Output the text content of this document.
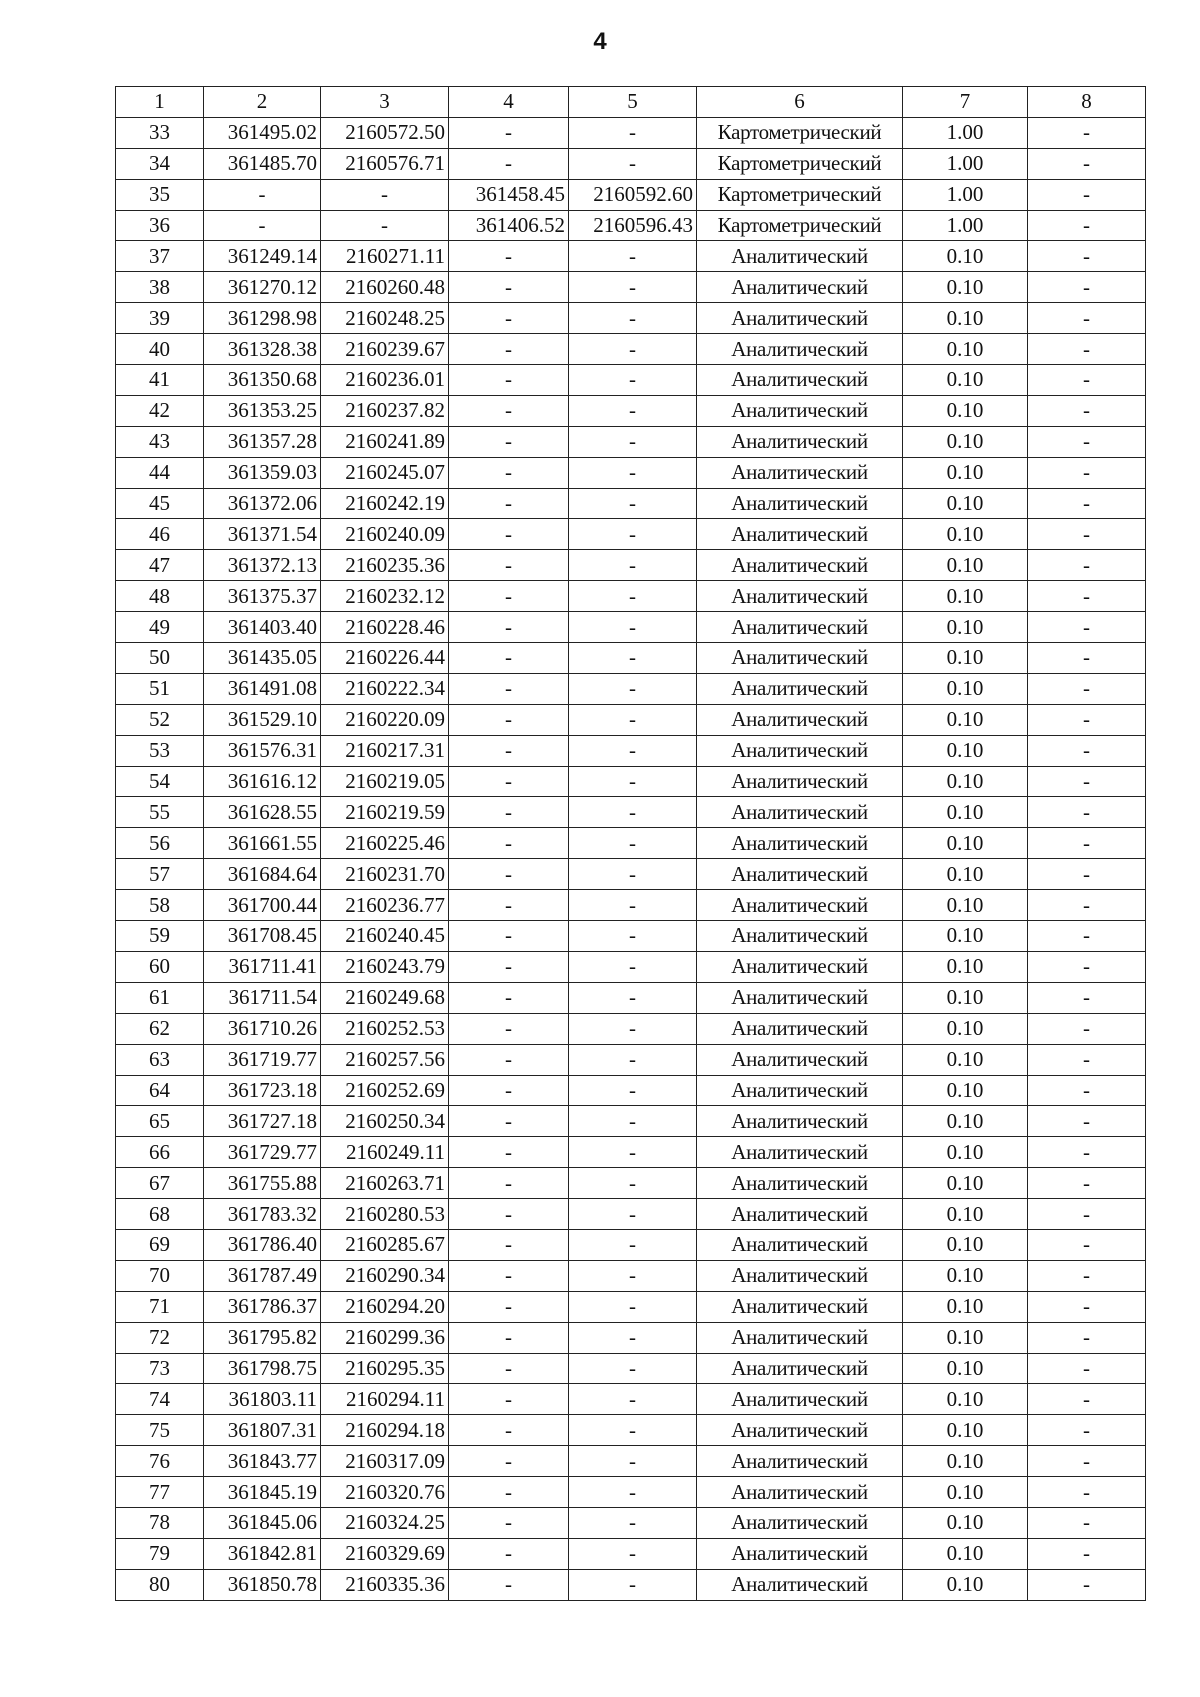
4
1	2	3	4	5	6	7	8
33	361495.02	2160572.50	-	-	Картометрический	1.00	-
34	361485.70	2160576.71	-	-	Картометрический	1.00	-
35	-	-	361458.45	2160592.60	Картометрический	1.00	-
36	-	-	361406.52	2160596.43	Картометрический	1.00	-
37	361249.14	2160271.11	-	-	Аналитический	0.10	-
38	361270.12	2160260.48	-	-	Аналитический	0.10	-
39	361298.98	2160248.25	-	-	Аналитический	0.10	-
40	361328.38	2160239.67	-	-	Аналитический	0.10	-
41	361350.68	2160236.01	-	-	Аналитический	0.10	-
42	361353.25	2160237.82	-	-	Аналитический	0.10	-
43	361357.28	2160241.89	-	-	Аналитический	0.10	-
44	361359.03	2160245.07	-	-	Аналитический	0.10	-
45	361372.06	2160242.19	-	-	Аналитический	0.10	-
46	361371.54	2160240.09	-	-	Аналитический	0.10	-
47	361372.13	2160235.36	-	-	Аналитический	0.10	-
48	361375.37	2160232.12	-	-	Аналитический	0.10	-
49	361403.40	2160228.46	-	-	Аналитический	0.10	-
50	361435.05	2160226.44	-	-	Аналитический	0.10	-
51	361491.08	2160222.34	-	-	Аналитический	0.10	-
52	361529.10	2160220.09	-	-	Аналитический	0.10	-
53	361576.31	2160217.31	-	-	Аналитический	0.10	-
54	361616.12	2160219.05	-	-	Аналитический	0.10	-
55	361628.55	2160219.59	-	-	Аналитический	0.10	-
56	361661.55	2160225.46	-	-	Аналитический	0.10	-
57	361684.64	2160231.70	-	-	Аналитический	0.10	-
58	361700.44	2160236.77	-	-	Аналитический	0.10	-
59	361708.45	2160240.45	-	-	Аналитический	0.10	-
60	361711.41	2160243.79	-	-	Аналитический	0.10	-
61	361711.54	2160249.68	-	-	Аналитический	0.10	-
62	361710.26	2160252.53	-	-	Аналитический	0.10	-
63	361719.77	2160257.56	-	-	Аналитический	0.10	-
64	361723.18	2160252.69	-	-	Аналитический	0.10	-
65	361727.18	2160250.34	-	-	Аналитический	0.10	-
66	361729.77	2160249.11	-	-	Аналитический	0.10	-
67	361755.88	2160263.71	-	-	Аналитический	0.10	-
68	361783.32	2160280.53	-	-	Аналитический	0.10	-
69	361786.40	2160285.67	-	-	Аналитический	0.10	-
70	361787.49	2160290.34	-	-	Аналитический	0.10	-
71	361786.37	2160294.20	-	-	Аналитический	0.10	-
72	361795.82	2160299.36	-	-	Аналитический	0.10	-
73	361798.75	2160295.35	-	-	Аналитический	0.10	-
74	361803.11	2160294.11	-	-	Аналитический	0.10	-
75	361807.31	2160294.18	-	-	Аналитический	0.10	-
76	361843.77	2160317.09	-	-	Аналитический	0.10	-
77	361845.19	2160320.76	-	-	Аналитический	0.10	-
78	361845.06	2160324.25	-	-	Аналитический	0.10	-
79	361842.81	2160329.69	-	-	Аналитический	0.10	-
80	361850.78	2160335.36	-	-	Аналитический	0.10	-
